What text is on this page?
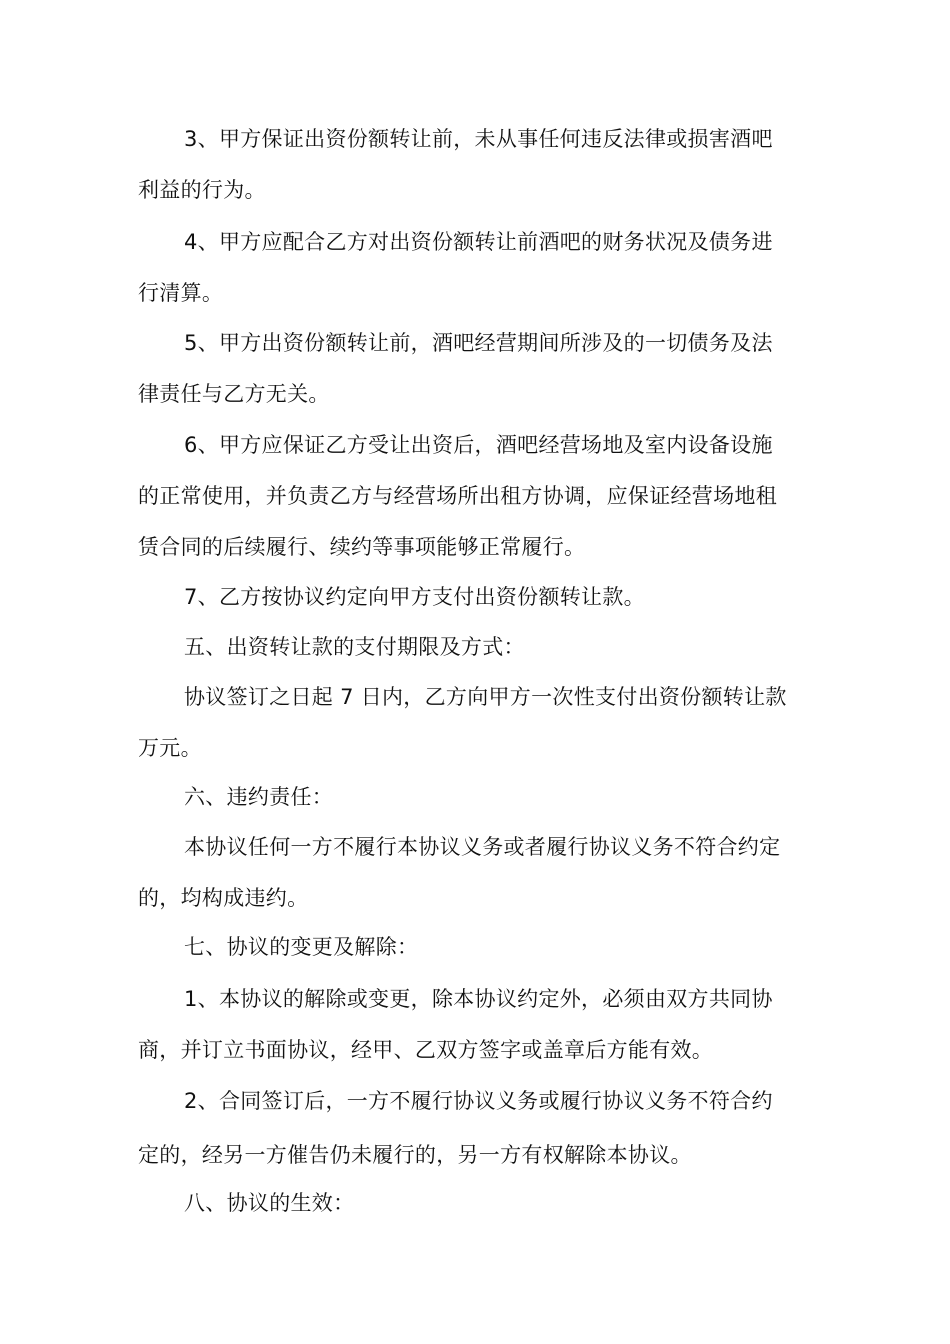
3、甲方保证出资份额转让前，未从事任何违反法律或损害酒吧
利益的行为。

4、甲方应配合乙方对出资份额转让前酒吧的财务状况及债务进
行清算。

5、甲方出资份额转让前，酒吧经营期间所涉及的一切债务及法
律责任与乙方无关。

6、甲方应保证乙方受让出资后，酒吧经营场地及室内设备设施
的正常使用，并负责乙方与经营场所出租方协调，应保证经营场地租
赁合同的后续履行、续约等事项能够正常履行。

7、乙方按协议约定向甲方支付出资份额转让款。

五、出资转让款的支付期限及方式：

协议签订之日起 7 日内，乙方向甲方一次性支付出资份额转让款
万元。

六、违约责任：

本协议任何一方不履行本协议义务或者履行协议义务不符合约定
的，均构成违约。

七、协议的变更及解除：

1、本协议的解除或变更，除本协议约定外，必须由双方共同协
商，并订立书面协议，经甲、乙双方签字或盖章后方能有效。

2、合同签订后，一方不履行协议义务或履行协议义务不符合约
定的，经另一方催告仍未履行的，另一方有权解除本协议。

八、协议的生效：
